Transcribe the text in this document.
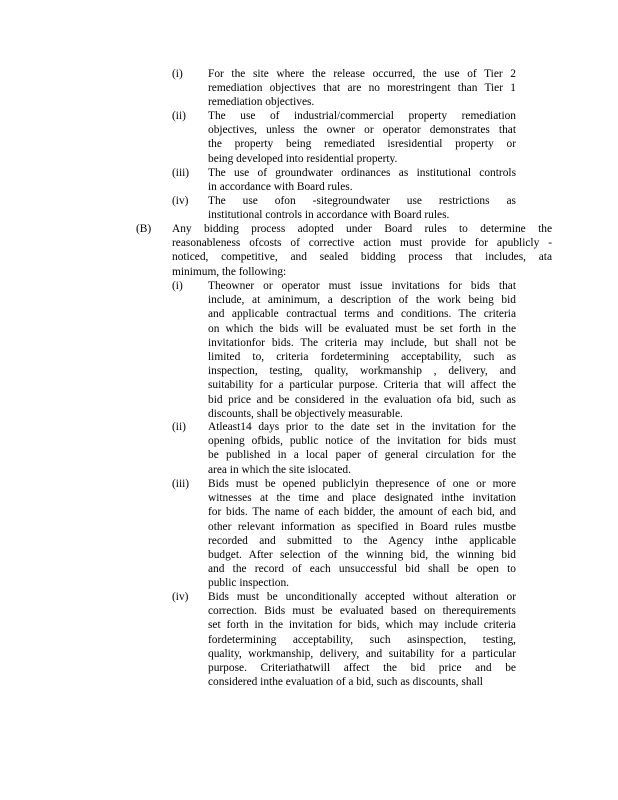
(i) For the site where the release occurred, the use of Tier 2
remediation objectives that are no morestringent than Tier 1
remediation objectives.
(ii) The use of industrial/commercial property remediation
objectives, unless the owner or operator demonstrates that
the property being remediated isresidential property or
being developed into residential property.
(iii) The use of groundwater ordinances as institutional controls
in accordance with Board rules.
(iv) The use ofon -sitegroundwater use restrictions as
institutional controls in accordance with Board rules.
(B) Any bidding process adopted under Board rules to determine the
reasonableness ofcosts of corrective action must provide for apublicly -
noticed, competitive, and sealed bidding process that includes, ata
minimum, the following:
(i) Theowner or operator must issue invitations for bids that
include, at aminimum, a description of the work being bid
and applicable contractual terms and conditions. The criteria
on which the bids will be evaluated must be set forth in the
invitationfor bids. The criteria may include, but shall not be
limited to, criteria fordetermining acceptability, such as
inspection, testing, quality, workmanship , delivery, and
suitability for a particular purpose. Criteria that will affect the
bid price and be considered in the evaluation ofa bid, such as
discounts, shall be objectively measurable.
(ii) Atleast14 days prior to the date set in the invitation for the
opening ofbids, public notice of the invitation for bids must
be published in a local paper of general circulation for the
area in which the site islocated.
(iii) Bids must be opened publiclyin thepresence of one or more
witnesses at the time and place designated inthe invitation
for bids. The name of each bidder, the amount of each bid, and
other relevant information as specified in Board rules mustbe
recorded and submitted to the Agency inthe applicable
budget. After selection of the winning bid, the winning bid
and the record of each unsuccessful bid shall be open to
public inspection.
(iv) Bids must be unconditionally accepted without alteration or
correction. Bids must be evaluated based on therequirements
set forth in the invitation for bids, which may include criteria
fordetermining acceptability, such asinspection, testing,
quality, workmanship, delivery, and suitability for a particular
purpose. Criteriathatwill affect the bid price and be
considered inthe evaluation of a bid, such as discounts, shall
